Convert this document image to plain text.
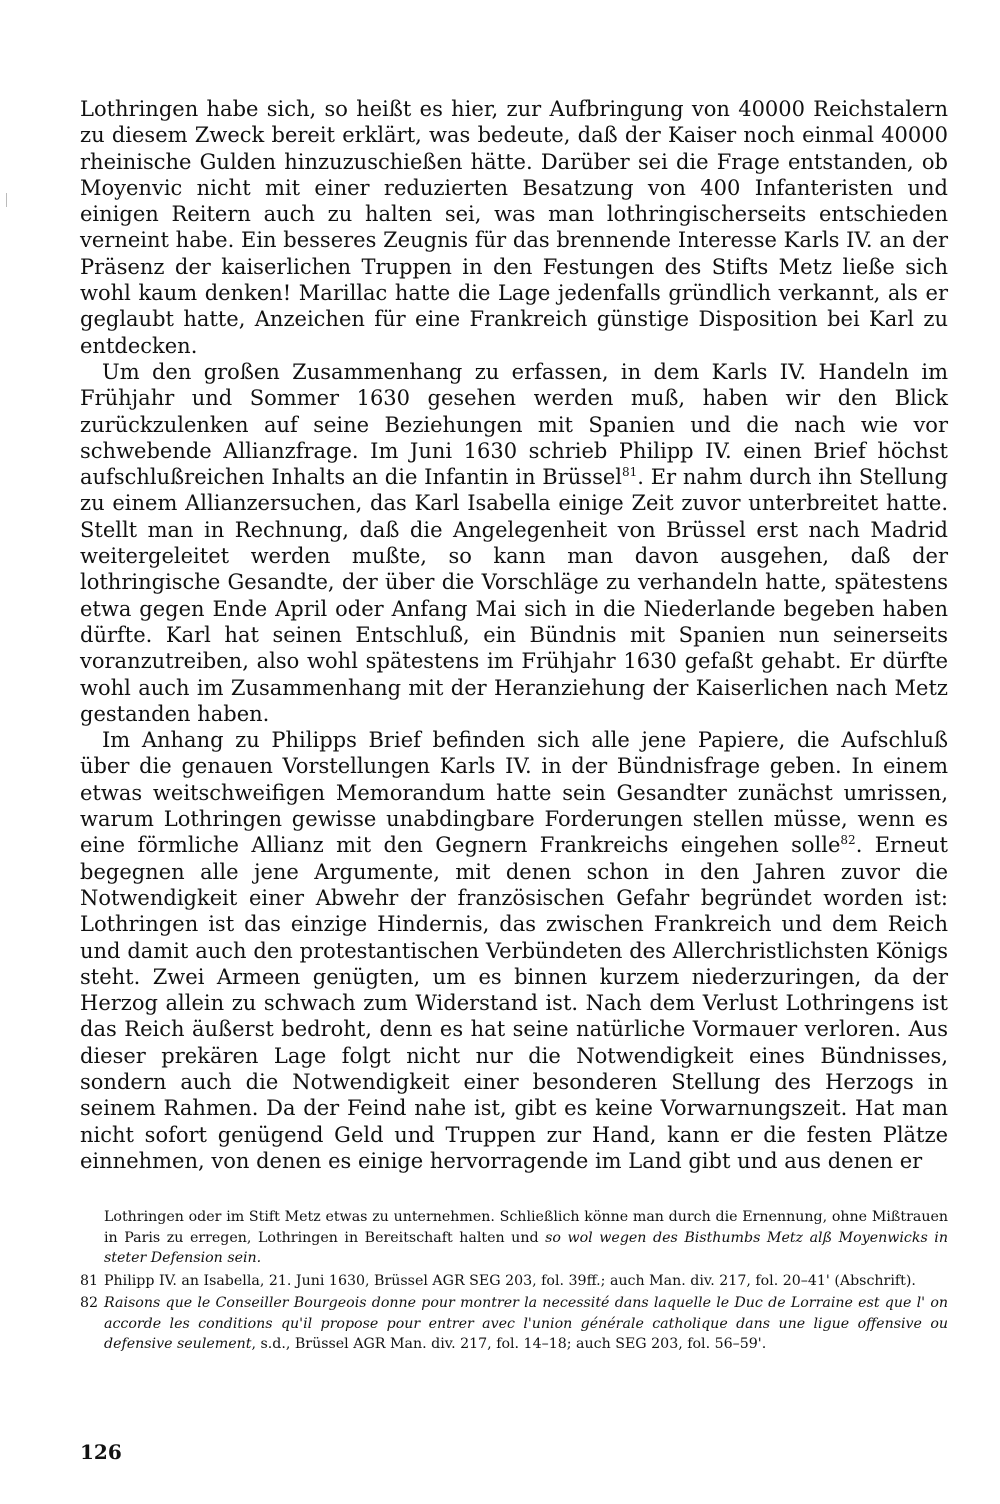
Lothringen habe sich, so heißt es hier, zur Aufbringung von 40000 Reichstalern zu diesem Zweck bereit erklärt, was bedeute, daß der Kaiser noch einmal 40000 rheinische Gulden hinzuzuschießen hätte. Darüber sei die Frage entstanden, ob Moyenvic nicht mit einer reduzierten Besatzung von 400 Infanteristen und einigen Reitern auch zu halten sei, was man lothringischerseits entschieden verneint habe. Ein besseres Zeugnis für das brennende Interesse Karls IV. an der Präsenz der kaiserlichen Truppen in den Festungen des Stifts Metz ließe sich wohl kaum denken! Marillac hatte die Lage jedenfalls gründlich verkannt, als er geglaubt hatte, Anzeichen für eine Frankreich günstige Disposition bei Karl zu entdecken.

Um den großen Zusammenhang zu erfassen, in dem Karls IV. Handeln im Frühjahr und Sommer 1630 gesehen werden muß, haben wir den Blick zurückzulenken auf seine Beziehungen mit Spanien und die nach wie vor schwebende Allianzfrage. Im Juni 1630 schrieb Philipp IV. einen Brief höchst aufschlußreichen Inhalts an die Infantin in Brüssel$^{81}$. Er nahm durch ihn Stellung zu einem Allianzersuchen, das Karl Isabella einige Zeit zuvor unterbreitet hatte. Stellt man in Rechnung, daß die Angelegenheit von Brüssel erst nach Madrid weitergeleitet werden mußte, so kann man davon ausgehen, daß der lothringische Gesandte, der über die Vorschläge zu verhandeln hatte, spätestens etwa gegen Ende April oder Anfang Mai sich in die Niederlande begeben haben dürfte. Karl hat seinen Entschluß, ein Bündnis mit Spanien nun seinerseits voranzutreiben, also wohl spätestens im Frühjahr 1630 gefaßt gehabt. Er dürfte wohl auch im Zusammenhang mit der Heranziehung der Kaiserlichen nach Metz gestanden haben.

Im Anhang zu Philipps Brief befinden sich alle jene Papiere, die Aufschluß über die genauen Vorstellungen Karls IV. in der Bündnisfrage geben. In einem etwas weitschweifigen Memorandum hatte sein Gesandter zunächst umrissen, warum Lothringen gewisse unabdingbare Forderungen stellen müsse, wenn es eine förmliche Allianz mit den Gegnern Frankreichs eingehen solle$^{82}$. Erneut begegnen alle jene Argumente, mit denen schon in den Jahren zuvor die Notwendigkeit einer Abwehr der französischen Gefahr begründet worden ist: Lothringen ist das einzige Hindernis, das zwischen Frankreich und dem Reich und damit auch den protestantischen Verbündeten des Allerchristlichsten Königs steht. Zwei Armeen genügten, um es binnen kurzem niederzuringen, da der Herzog allein zu schwach zum Widerstand ist. Nach dem Verlust Lothringens ist das Reich äußerst bedroht, denn es hat seine natürliche Vormauer verloren. Aus dieser prekären Lage folgt nicht nur die Notwendigkeit eines Bündnisses, sondern auch die Notwendigkeit einer besonderen Stellung des Herzogs in seinem Rahmen. Da der Feind nahe ist, gibt es keine Vorwarnungszeit. Hat man nicht sofort genügend Geld und Truppen zur Hand, kann er die festen Plätze einnehmen, von denen es einige hervorragende im Land gibt und aus denen er

Lothringen oder im Stift Metz etwas zu unternehmen. Schließlich könne man durch die Ernennung, ohne Mißtrauen in Paris zu erregen, Lothringen in Bereitschaft halten und so wol wegen des Bisthumbs Metz alß Moyenwicks in steter Defension sein.

81 Philipp IV. an Isabella, 21. Juni 1630, Brüssel AGR SEG 203, fol. 39ff.; auch Man. div. 217, fol. 20–41' (Abschrift).
82 Raisons que le Conseiller Bourgeois donne pour montrer la necessité dans laquelle le Duc de Lorraine est que l' on accorde les conditions qu'il propose pour entrer avec l'union générale catholique dans une ligue offensive ou defensive seulement, s.d., Brüssel AGR Man. div. 217, fol. 14–18; auch SEG 203, fol. 56–59'.
126
